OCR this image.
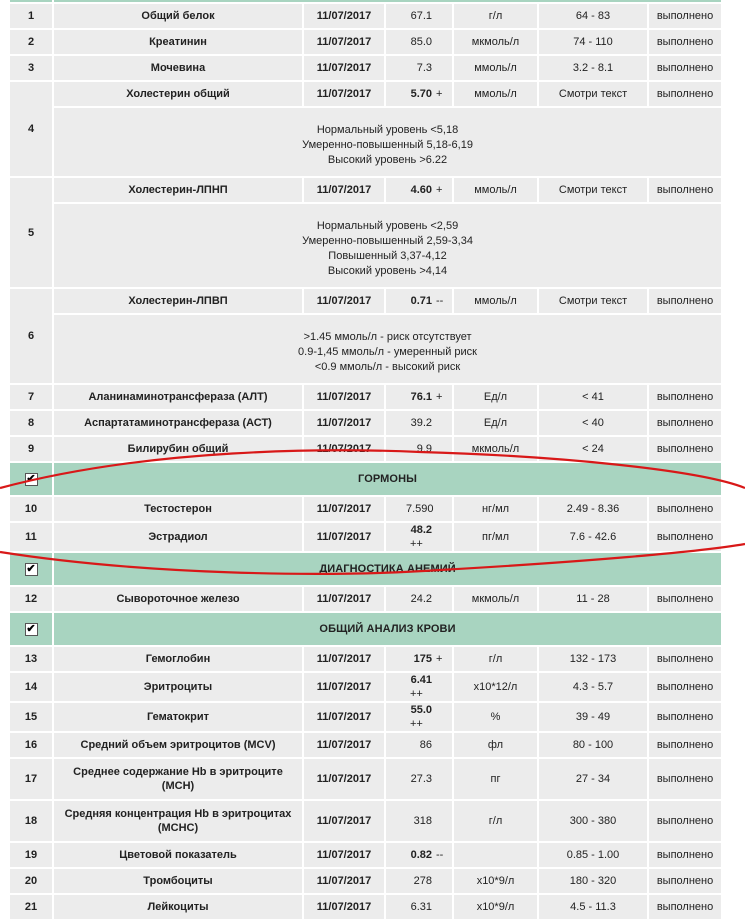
1	Общий белок	11/07/2017	67.1	г/л	64 - 83	выполнено
2	Креатинин	11/07/2017	85.0	мкмоль/л	74 - 110	выполнено
3	Мочевина	11/07/2017	7.3	ммоль/л	3.2 - 8.1	выполнено
4	Холестерин общий	11/07/2017	5.70 +	ммоль/л	Смотри текст	выполнено

	Нормальный уровень <5,18
Умеренно-повышенный 5,18-6,19
Высокий уровень >6.22					

5	Холестерин-ЛПНП	11/07/2017	4.60 +	ммоль/л	Смотри текст	выполнено

	Нормальный уровень <2,59
Умеренно-повышенный 2,59-3,34
Повышенный 3,37-4,12
Высокий уровень >4,14					

6	Холестерин-ЛПВП	11/07/2017	0.71 --	ммоль/л	Смотри текст	выполнено

	>1.45 ммоль/л - риск отсутствует
0.9-1,45 ммоль/л - умеренный риск
<0.9 ммоль/л - высокий риск					

7	Аланинаминотрансфераза (АЛТ)	11/07/2017	76.1 +	Ед/л	< 41	выполнено
8	Аспартатаминотрансфераза (АСТ)	11/07/2017	39.2	Ед/л	< 40	выполнено
9	Билирубин общий	11/07/2017	9.9	мкмоль/л	< 24	выполнено
✔	ГОРМОНЫ					
10	Тестостерон	11/07/2017	7.590	нг/мл	2.49 - 8.36	выполнено
11	Эстрадиол	11/07/2017	48.2++	пг/мл	7.6 - 42.6	выполнено
✔	ДИАГНОСТИКА АНЕМИЙ					
12	Сывороточное железо	11/07/2017	24.2	мкмоль/л	11 - 28	выполнено
✔	ОБЩИЙ АНАЛИЗ КРОВИ					
13	Гемоглобин	11/07/2017	175 +	г/л	132 - 173	выполнено
14	Эритроциты	11/07/2017	6.41++	x10*12/л	4.3 - 5.7	выполнено
15	Гематокрит	11/07/2017	55.0++	%	39 - 49	выполнено
16	Средний объем эритроцитов (MCV)	11/07/2017	86	фл	80 - 100	выполнено
17	Среднее содержание Hb в эритроците (MCH)	11/07/2017	27.3	пг	27 - 34	выполнено
18	Средняя концентрация Hb в эритроцитах (MCHC)	11/07/2017	318	г/л	300 - 380	выполнено
19	Цветовой показатель	11/07/2017	0.82 --		0.85 - 1.00	выполнено
20	Тромбоциты	11/07/2017	278	x10*9/л	180 - 320	выполнено
21	Лейкоциты	11/07/2017	6.31	x10*9/л	4.5 - 11.3	выполнено
